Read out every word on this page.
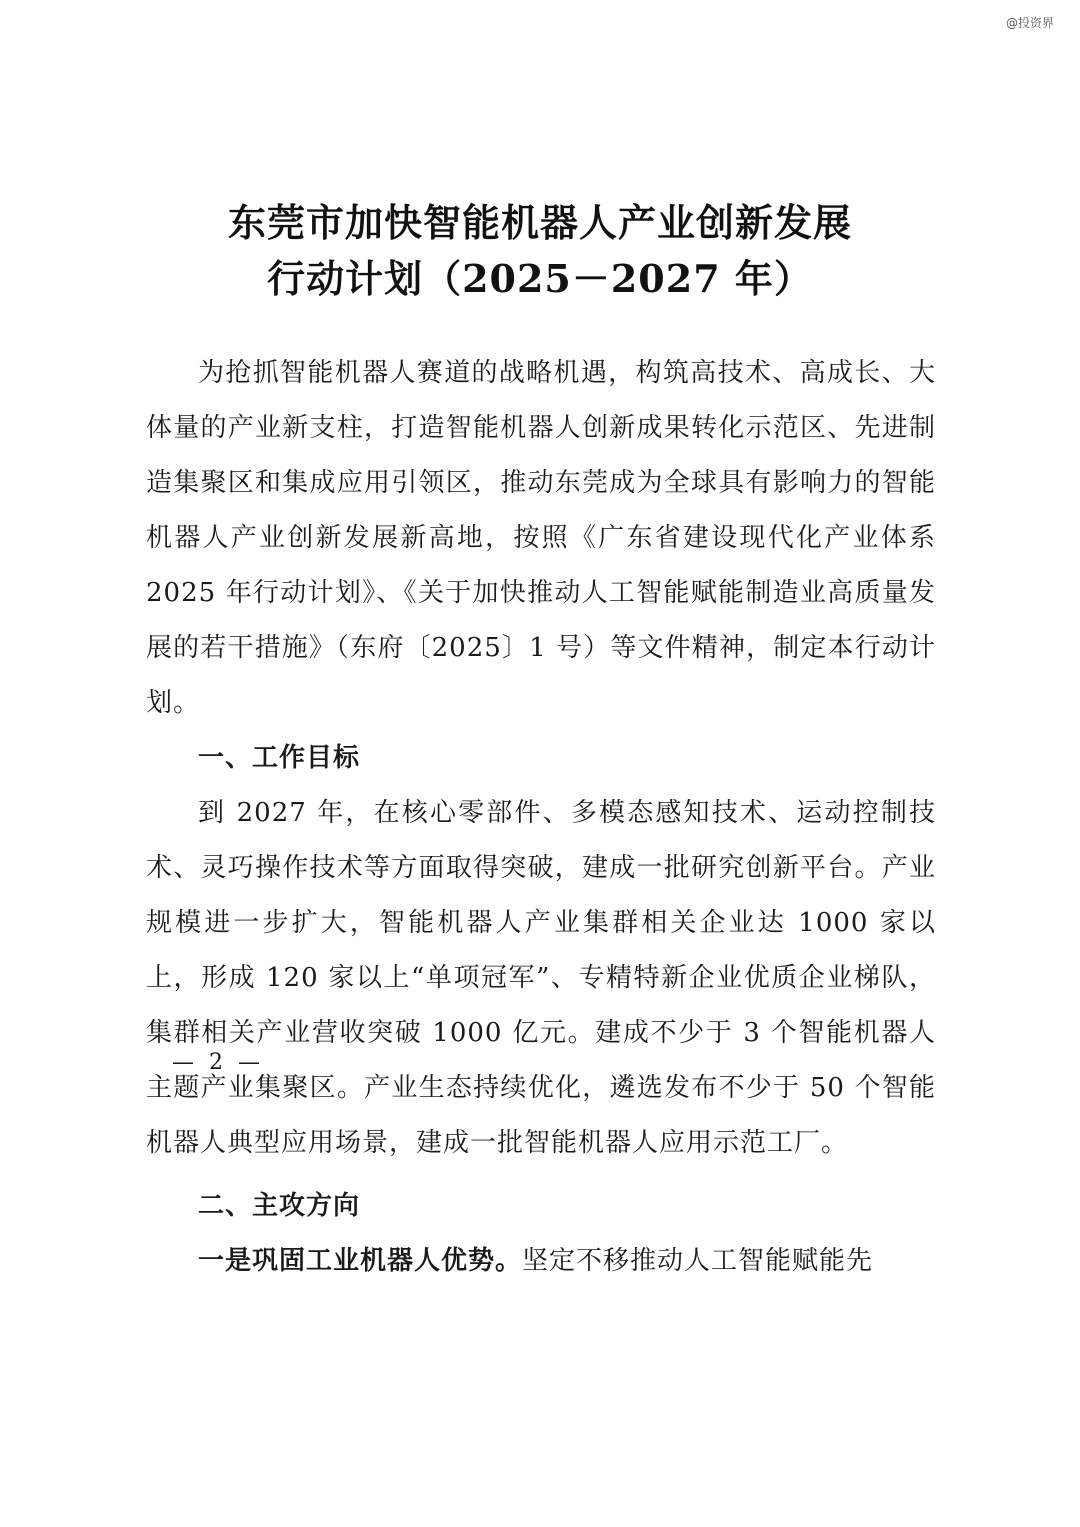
@投资界
东莞市加快智能机器人产业创新发展
行动计划（2025－2027 年）

为抢抓智能机器人赛道的战略机遇，构筑高技术、高成长、大体量的产业新支柱，打造智能机器人创新成果转化示范区、先进制造集聚区和集成应用引领区，推动东莞成为全球具有影响力的智能机器人产业创新发展新高地，按照《广东省建设现代化产业体系 2025 年行动计划》、《关于加快推动人工智能赋能制造业高质量发展的若干措施》（东府〔2025〕1 号）等文件精神，制定本行动计划。

一、工作目标

到 2027 年，在核心零部件、多模态感知技术、运动控制技术、灵巧操作技术等方面取得突破，建成一批研究创新平台。产业规模进一步扩大，智能机器人产业集群相关企业达 1000 家以上，形成 120 家以上“单项冠军”、专精特新企业优质企业梯队，集群相关产业营收突破 1000 亿元。建成不少于 3 个智能机器人主题产业集聚区。产业生态持续优化，遴选发布不少于 50 个智能机器人典型应用场景，建成一批智能机器人应用示范工厂。

二、主攻方向

一是巩固工业机器人优势。坚定不移推动人工智能赋能先

— 2 —
